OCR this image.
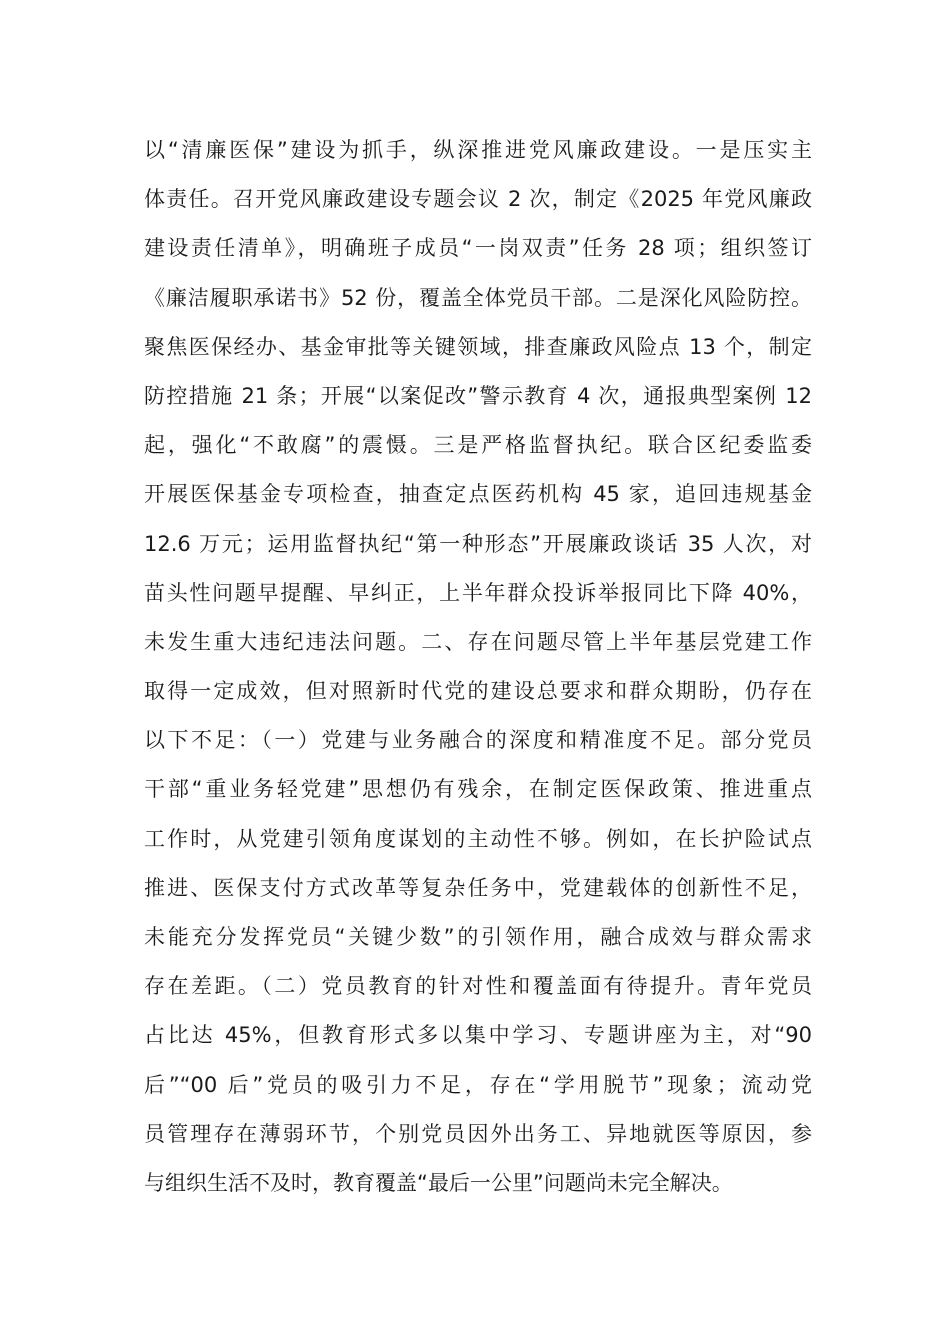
以“清廉医保”建设为抓手，纵深推进党风廉政建设。一是压实主
体责任。召开党风廉政建设专题会议 2 次，制定《2025 年党风廉政
建设责任清单》，明确班子成员“一岗双责”任务 28 项；组织签订
《廉洁履职承诺书》52 份，覆盖全体党员干部。二是深化风险防控。
聚焦医保经办、基金审批等关键领域，排查廉政风险点 13 个，制定
防控措施 21 条；开展“以案促改”警示教育 4 次，通报典型案例 12
起，强化“不敢腐”的震慑。三是严格监督执纪。联合区纪委监委
开展医保基金专项检查，抽查定点医药机构 45 家，追回违规基金
12.6 万元；运用监督执纪“第一种形态”开展廉政谈话 35 人次，对
苗头性问题早提醒、早纠正，上半年群众投诉举报同比下降 40%，
未发生重大违纪违法问题。二、存在问题尽管上半年基层党建工作
取得一定成效，但对照新时代党的建设总要求和群众期盼，仍存在
以下不足：（一）党建与业务融合的深度和精准度不足。部分党员
干部“重业务轻党建”思想仍有残余，在制定医保政策、推进重点
工作时，从党建引领角度谋划的主动性不够。例如，在长护险试点
推进、医保支付方式改革等复杂任务中，党建载体的创新性不足，
未能充分发挥党员“关键少数”的引领作用，融合成效与群众需求
存在差距。（二）党员教育的针对性和覆盖面有待提升。青年党员
占比达 45%，但教育形式多以集中学习、专题讲座为主，对“90
后”“00 后”党员的吸引力不足，存在“学用脱节”现象；流动党
员管理存在薄弱环节，个别党员因外出务工、异地就医等原因，参
与组织生活不及时，教育覆盖“最后一公里”问题尚未完全解决。
